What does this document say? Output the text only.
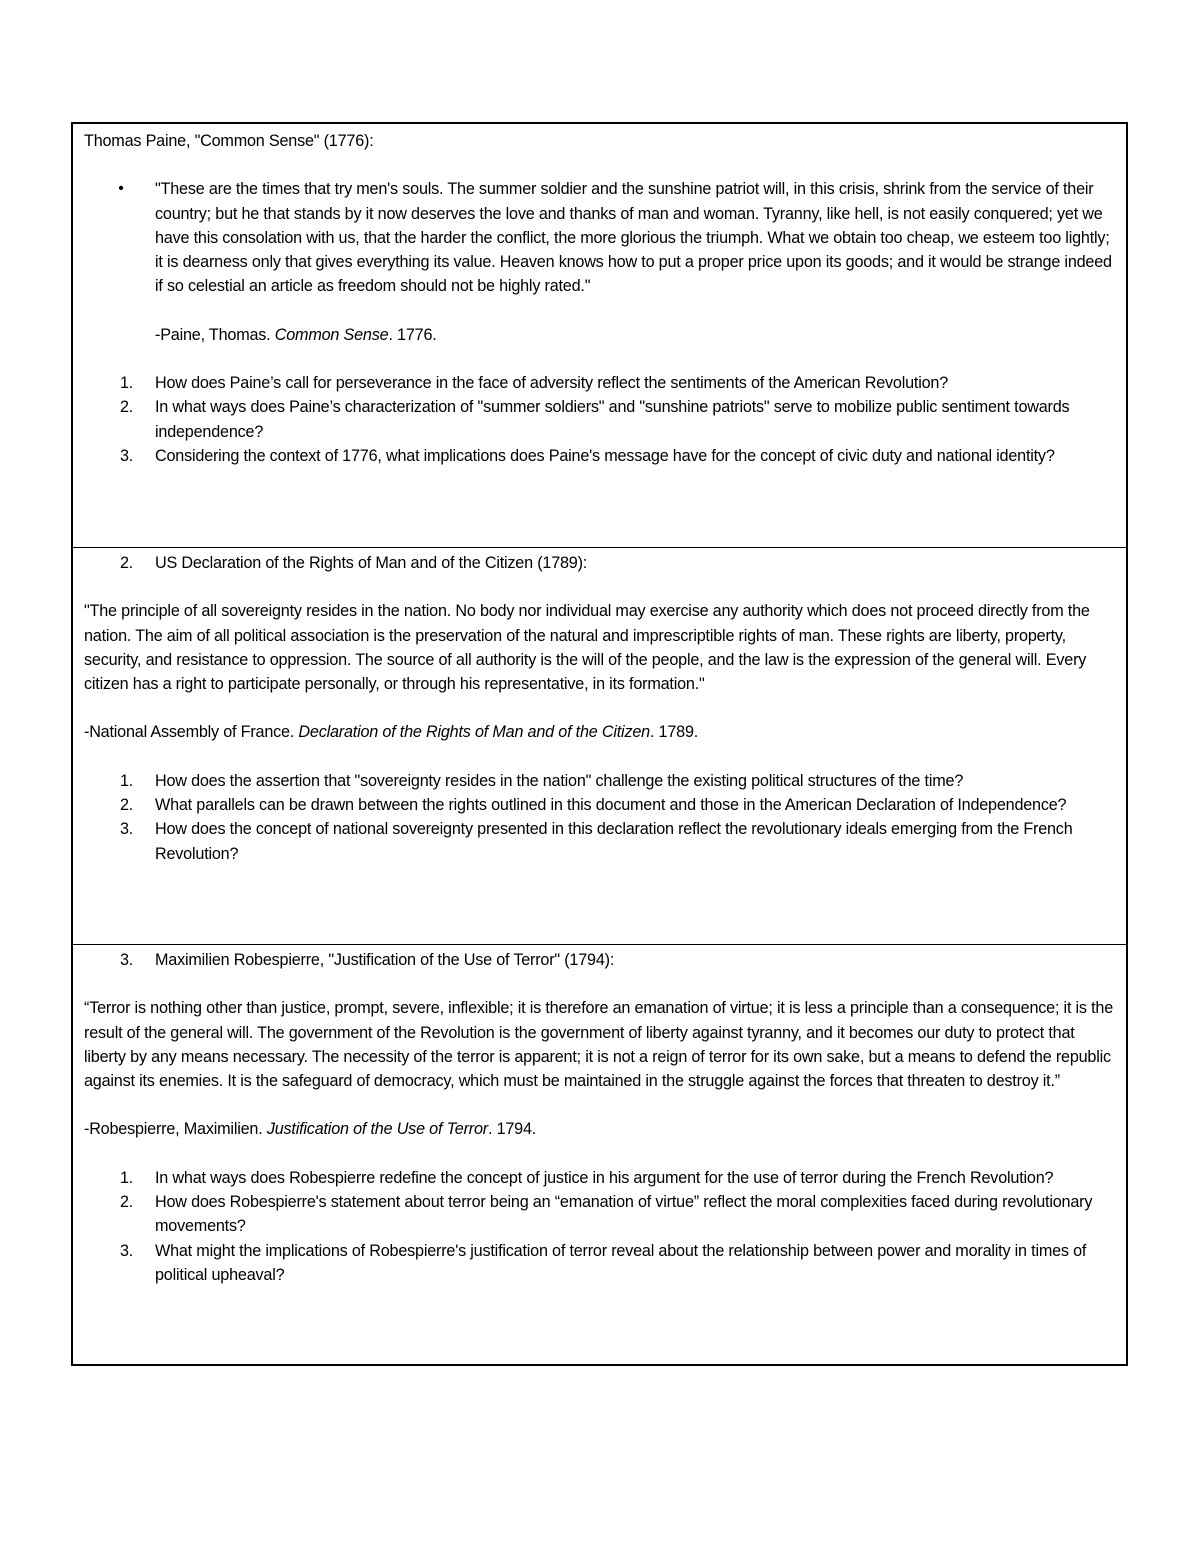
Thomas Paine, "Common Sense" (1776):

•	"These are the times that try men's souls. The summer soldier and the sunshine patriot will, in this crisis, shrink from the service of their country; but he that stands by it now deserves the love and thanks of man and woman. Tyranny, like hell, is not easily conquered; yet we have this consolation with us, that the harder the conflict, the more glorious the triumph. What we obtain too cheap, we esteem too lightly; it is dearness only that gives everything its value. Heaven knows how to put a proper price upon its goods; and it would be strange indeed if so celestial an article as freedom should not be highly rated."

-Paine, Thomas. Common Sense. 1776.

1.	How does Paine’s call for perseverance in the face of adversity reflect the sentiments of the American Revolution?
2.	In what ways does Paine’s characterization of "summer soldiers" and "sunshine patriots" serve to mobilize public sentiment towards independence?
3.	Considering the context of 1776, what implications does Paine's message have for the concept of civic duty and national identity?
2.	US Declaration of the Rights of Man and of the Citizen (1789):

"The principle of all sovereignty resides in the nation. No body nor individual may exercise any authority which does not proceed directly from the nation. The aim of all political association is the preservation of the natural and imprescriptible rights of man. These rights are liberty, property, security, and resistance to oppression. The source of all authority is the will of the people, and the law is the expression of the general will. Every citizen has a right to participate personally, or through his representative, in its formation."

-National Assembly of France. Declaration of the Rights of Man and of the Citizen. 1789.

1.	How does the assertion that "sovereignty resides in the nation" challenge the existing political structures of the time?
2.	What parallels can be drawn between the rights outlined in this document and those in the American Declaration of Independence?
3.	How does the concept of national sovereignty presented in this declaration reflect the revolutionary ideals emerging from the French Revolution?
3.	Maximilien Robespierre, "Justification of the Use of Terror" (1794):

“Terror is nothing other than justice, prompt, severe, inflexible; it is therefore an emanation of virtue; it is less a principle than a consequence; it is the result of the general will. The government of the Revolution is the government of liberty against tyranny, and it becomes our duty to protect that liberty by any means necessary. The necessity of the terror is apparent; it is not a reign of terror for its own sake, but a means to defend the republic against its enemies. It is the safeguard of democracy, which must be maintained in the struggle against the forces that threaten to destroy it.”

-Robespierre, Maximilien. Justification of the Use of Terror. 1794.

1.	In what ways does Robespierre redefine the concept of justice in his argument for the use of terror during the French Revolution?
2.	How does Robespierre's statement about terror being an “emanation of virtue” reflect the moral complexities faced during revolutionary movements?
3.	What might the implications of Robespierre's justification of terror reveal about the relationship between power and morality in times of political upheaval?
